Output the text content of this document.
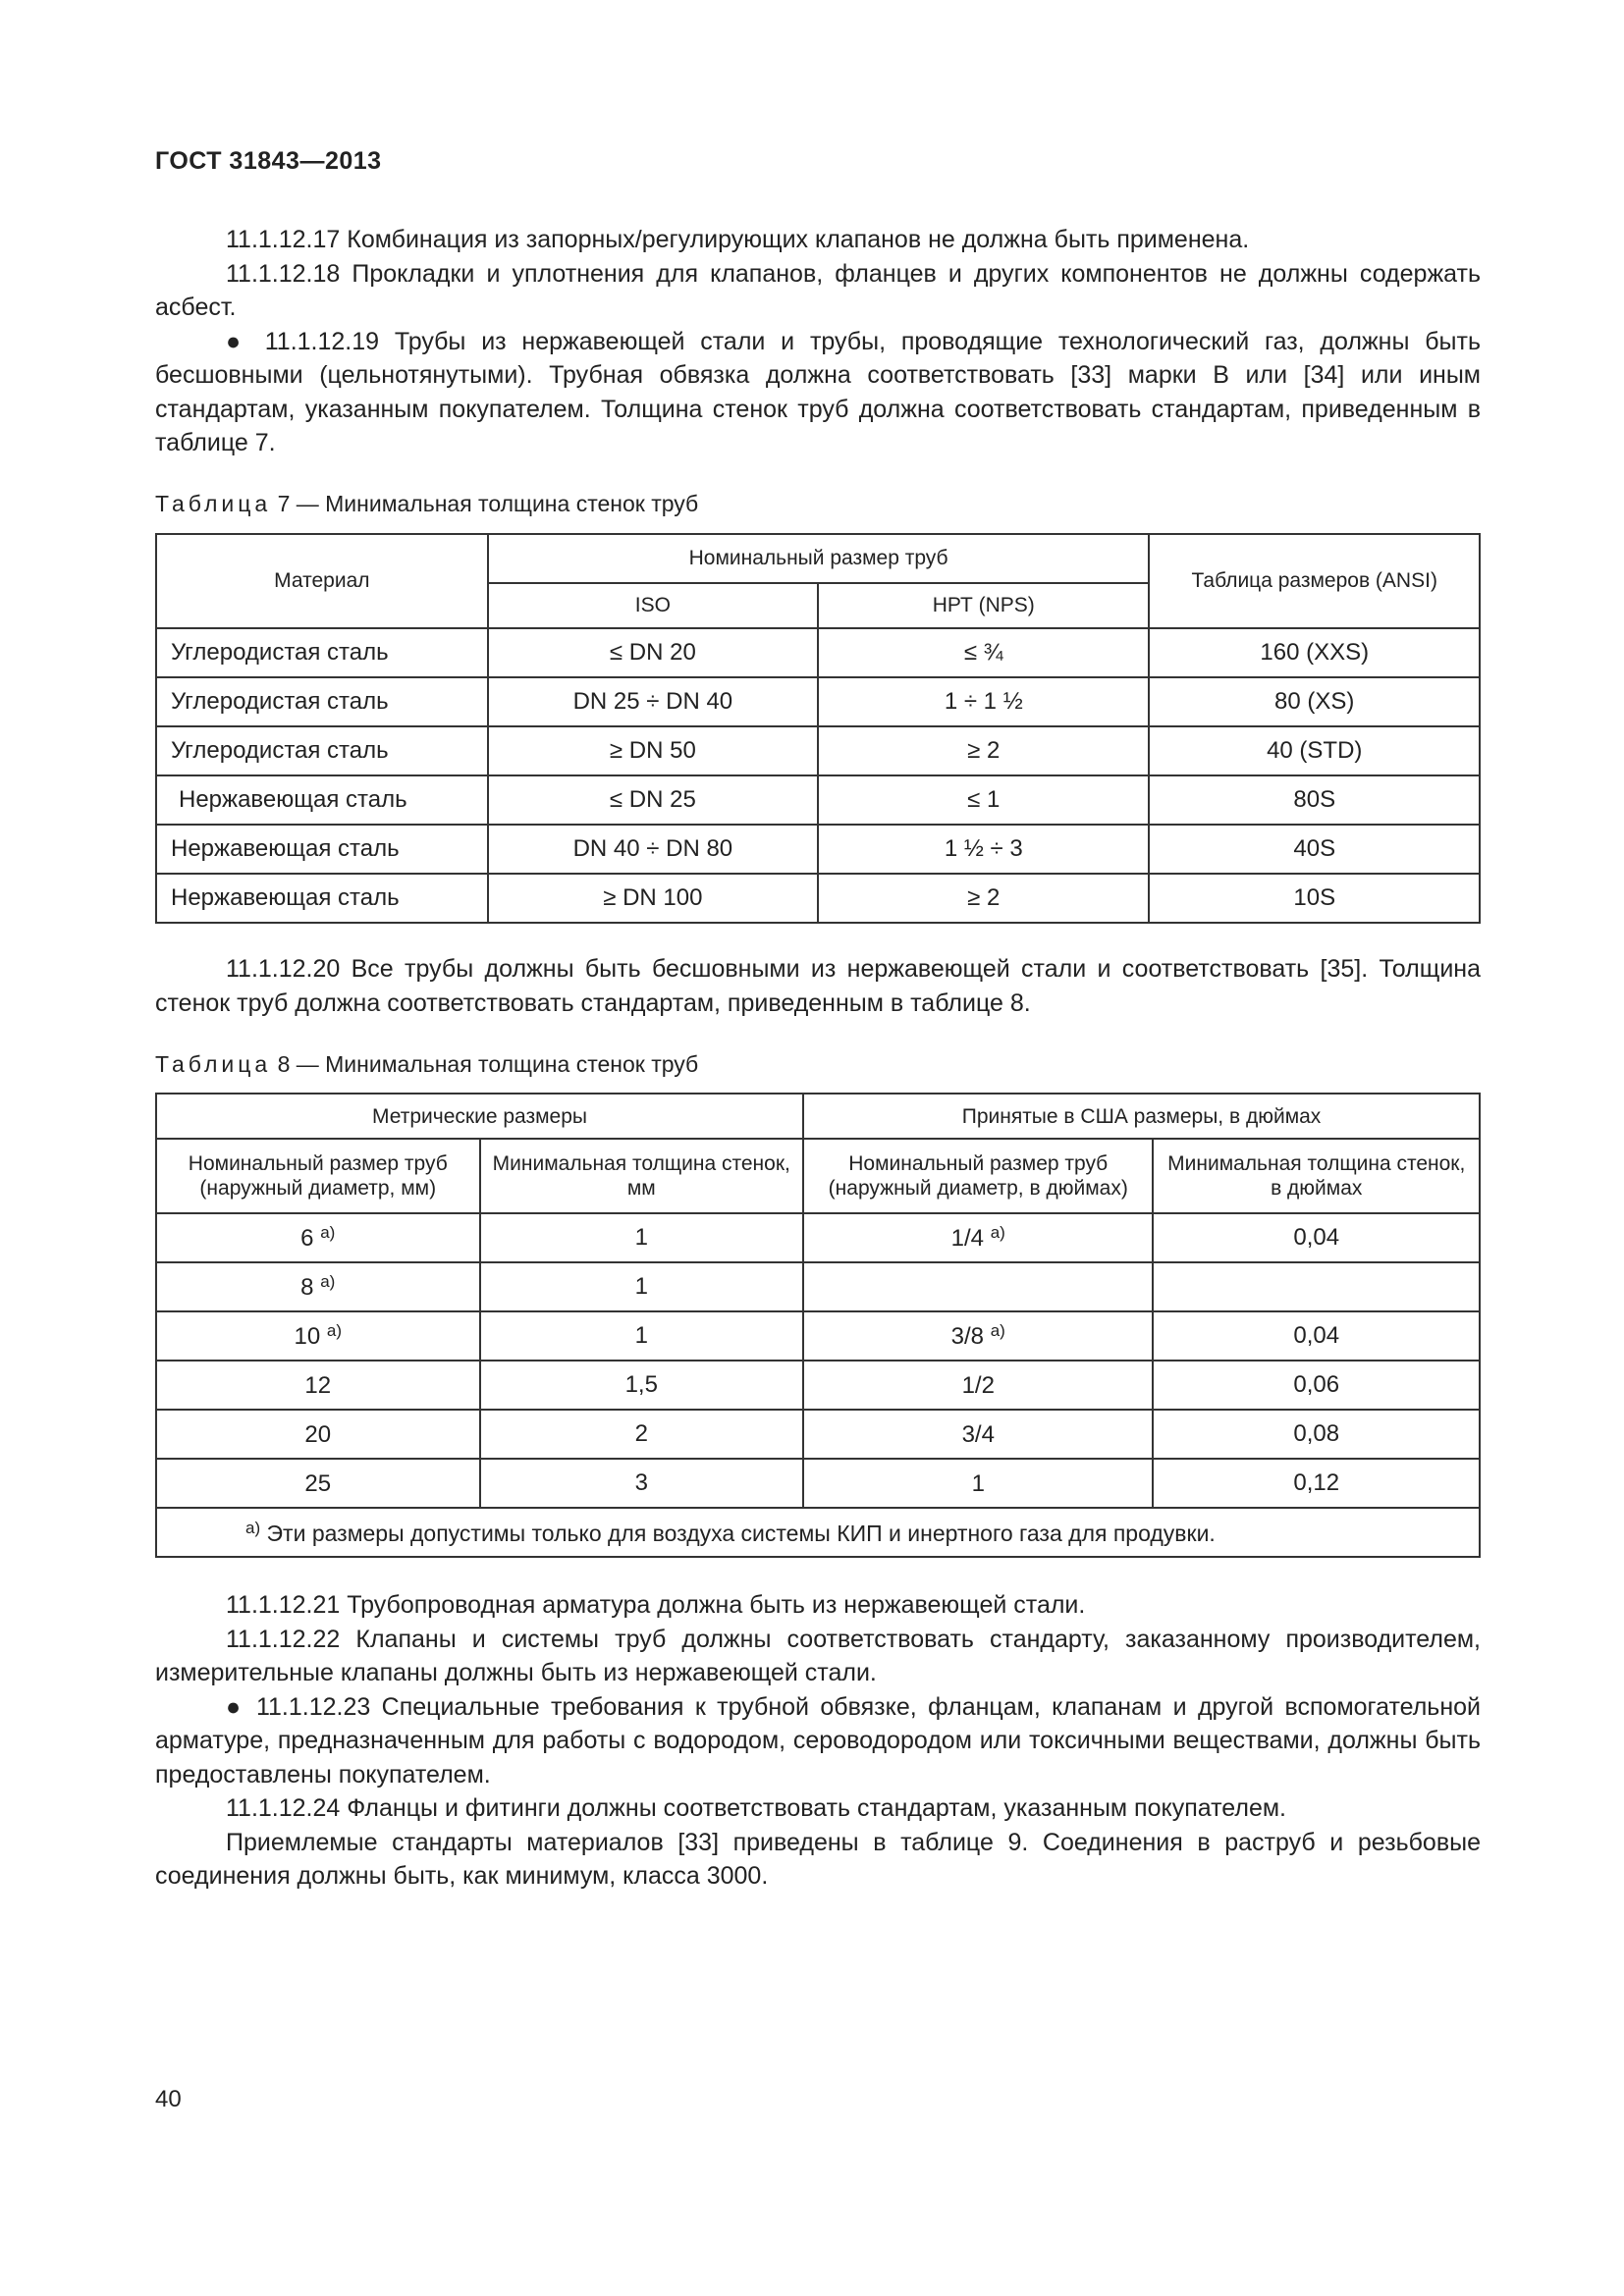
ГОСТ 31843—2013

11.1.12.17 Комбинация из запорных/регулирующих клапанов не должна быть применена.

11.1.12.18 Прокладки и уплотнения для клапанов, фланцев и других компонентов не должны содержать асбест.

● 11.1.12.19 Трубы из нержавеющей стали и трубы, проводящие технологический газ, должны быть бесшовными (цельнотянутыми). Трубная обвязка должна соответствовать [33] марки В или [34] или иным стандартам, указанным покупателем. Толщина стенок труб должна соответствовать стандартам, приведенным в таблице 7.

Таблица 7 — Минимальная толщина стенок труб
Материал	Номинальный размер труб		Таблица размеров (ANSI)
	ISO	НРТ (NPS)	
Углеродистая сталь	≤ DN 20	≤ ¾	160 (XXS)
Углеродистая сталь	DN 25 ÷ DN 40	1 ÷ 1 ½	80 (XS)
Углеродистая сталь	≥ DN 50	≥ 2	40 (STD)
Нержавеющая сталь	≤ DN 25	≤ 1	80S
Нержавеющая сталь	DN 40 ÷ DN 80	1 ½ ÷ 3	40S
Нержавеющая сталь	≥ DN 100	≥ 2	10S

11.1.12.20 Все трубы должны быть бесшовными из нержавеющей стали и соответствовать [35]. Толщина стенок труб должна соответствовать стандартам, приведенным в таблице 8.

Таблица 8 — Минимальная толщина стенок труб
Метрические размеры		Принятые в США размеры, в дюймах	
Номинальный размер труб (наружный диаметр, мм)	Минимальная толщина стенок, мм	Номинальный размер труб (наружный диаметр, в дюймах)	Минимальная толщина стенок, в дюймах
6 $^{а)}$	1	1/4 $^{а)}$	0,04
8 $^{а)}$	1		
10 $^{а)}$	1	3/8 $^{а)}$	0,04
12	1,5	1/2	0,06
20	2	3/4	0,08
25	3	1	0,12
$^{а)}$ Эти размеры допустимы только для воздуха системы КИП и инертного газа для продувки.			

11.1.12.21 Трубопроводная арматура должна быть из нержавеющей стали.

11.1.12.22 Клапаны и системы труб должны соответствовать стандарту, заказанному производителем, измерительные клапаны должны быть из нержавеющей стали.

● 11.1.12.23 Специальные требования к трубной обвязке, фланцам, клапанам и другой вспомогательной арматуре, предназначенным для работы с водородом, сероводородом или токсичными веществами, должны быть предоставлены покупателем.

11.1.12.24 Фланцы и фитинги должны соответствовать стандартам, указанным покупателем.

Приемлемые стандарты материалов [33] приведены в таблице 9. Соединения в раструб и резьбовые соединения должны быть, как минимум, класса 3000.

40
